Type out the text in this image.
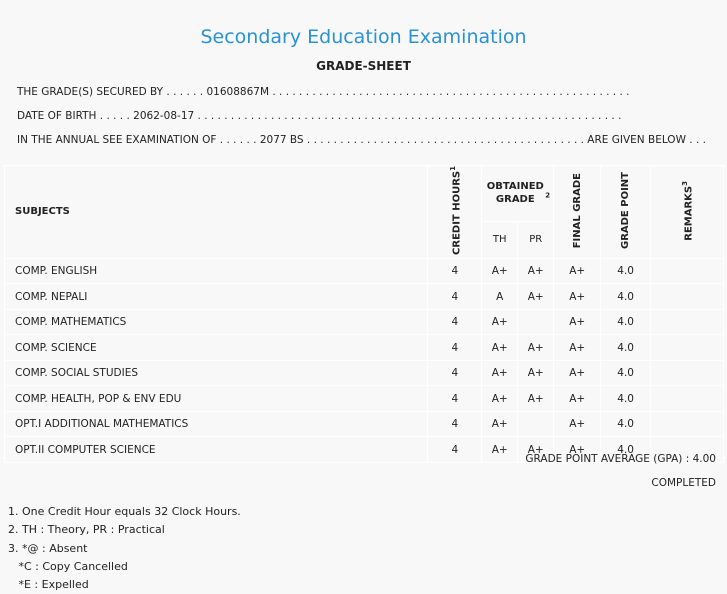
Secondary Education Examination
GRADE-SHEET
THE GRADE(S) SECURED BY . . . . . . 01608867M . . . . . . . . . . . . . . . . . . . . . . . . . . . . . . . . . . . . . . . . . . . . . . . . . . . . . .
DATE OF BIRTH . . . . . 2062-08-17 . . . . . . . . . . . . . . . . . . . . . . . . . . . . . . . . . . . . . . . . . . . . . . . . . . . . . . . . . . . . . . . .
IN THE ANNUAL SEE EXAMINATION OF . . . . . . 2077 BS . . . . . . . . . . . . . . . . . . . . . . . . . . . . . . . . . . . . . . . . . . ARE GIVEN BELOW . . .
SUBJECTS	CREDIT HOURS$^1$	OBTAINED GRADE $^2$		FINAL GRADE	GRADE POINT	REMARKS$^3$
		TH	PR			
COMP. ENGLISH	4	A+	A+	A+	4.0	
COMP. NEPALI	4	A	A+	A+	4.0	
COMP. MATHEMATICS	4	A+		A+	4.0	
COMP. SCIENCE	4	A+	A+	A+	4.0	
COMP. SOCIAL STUDIES	4	A+	A+	A+	4.0	
COMP. HEALTH, POP & ENV EDU	4	A+	A+	A+	4.0	
OPT.I ADDITIONAL MATHEMATICS	4	A+		A+	4.0	
OPT.II COMPUTER SCIENCE	4	A+	A+	A+	4.0	
GRADE POINT AVERAGE (GPA) : 4.00
COMPLETED
1. One Credit Hour equals 32 Clock Hours.
2. TH : Theory, PR : Practical
3. *@ : Absent
*C : Copy Cancelled
*E : Expelled
